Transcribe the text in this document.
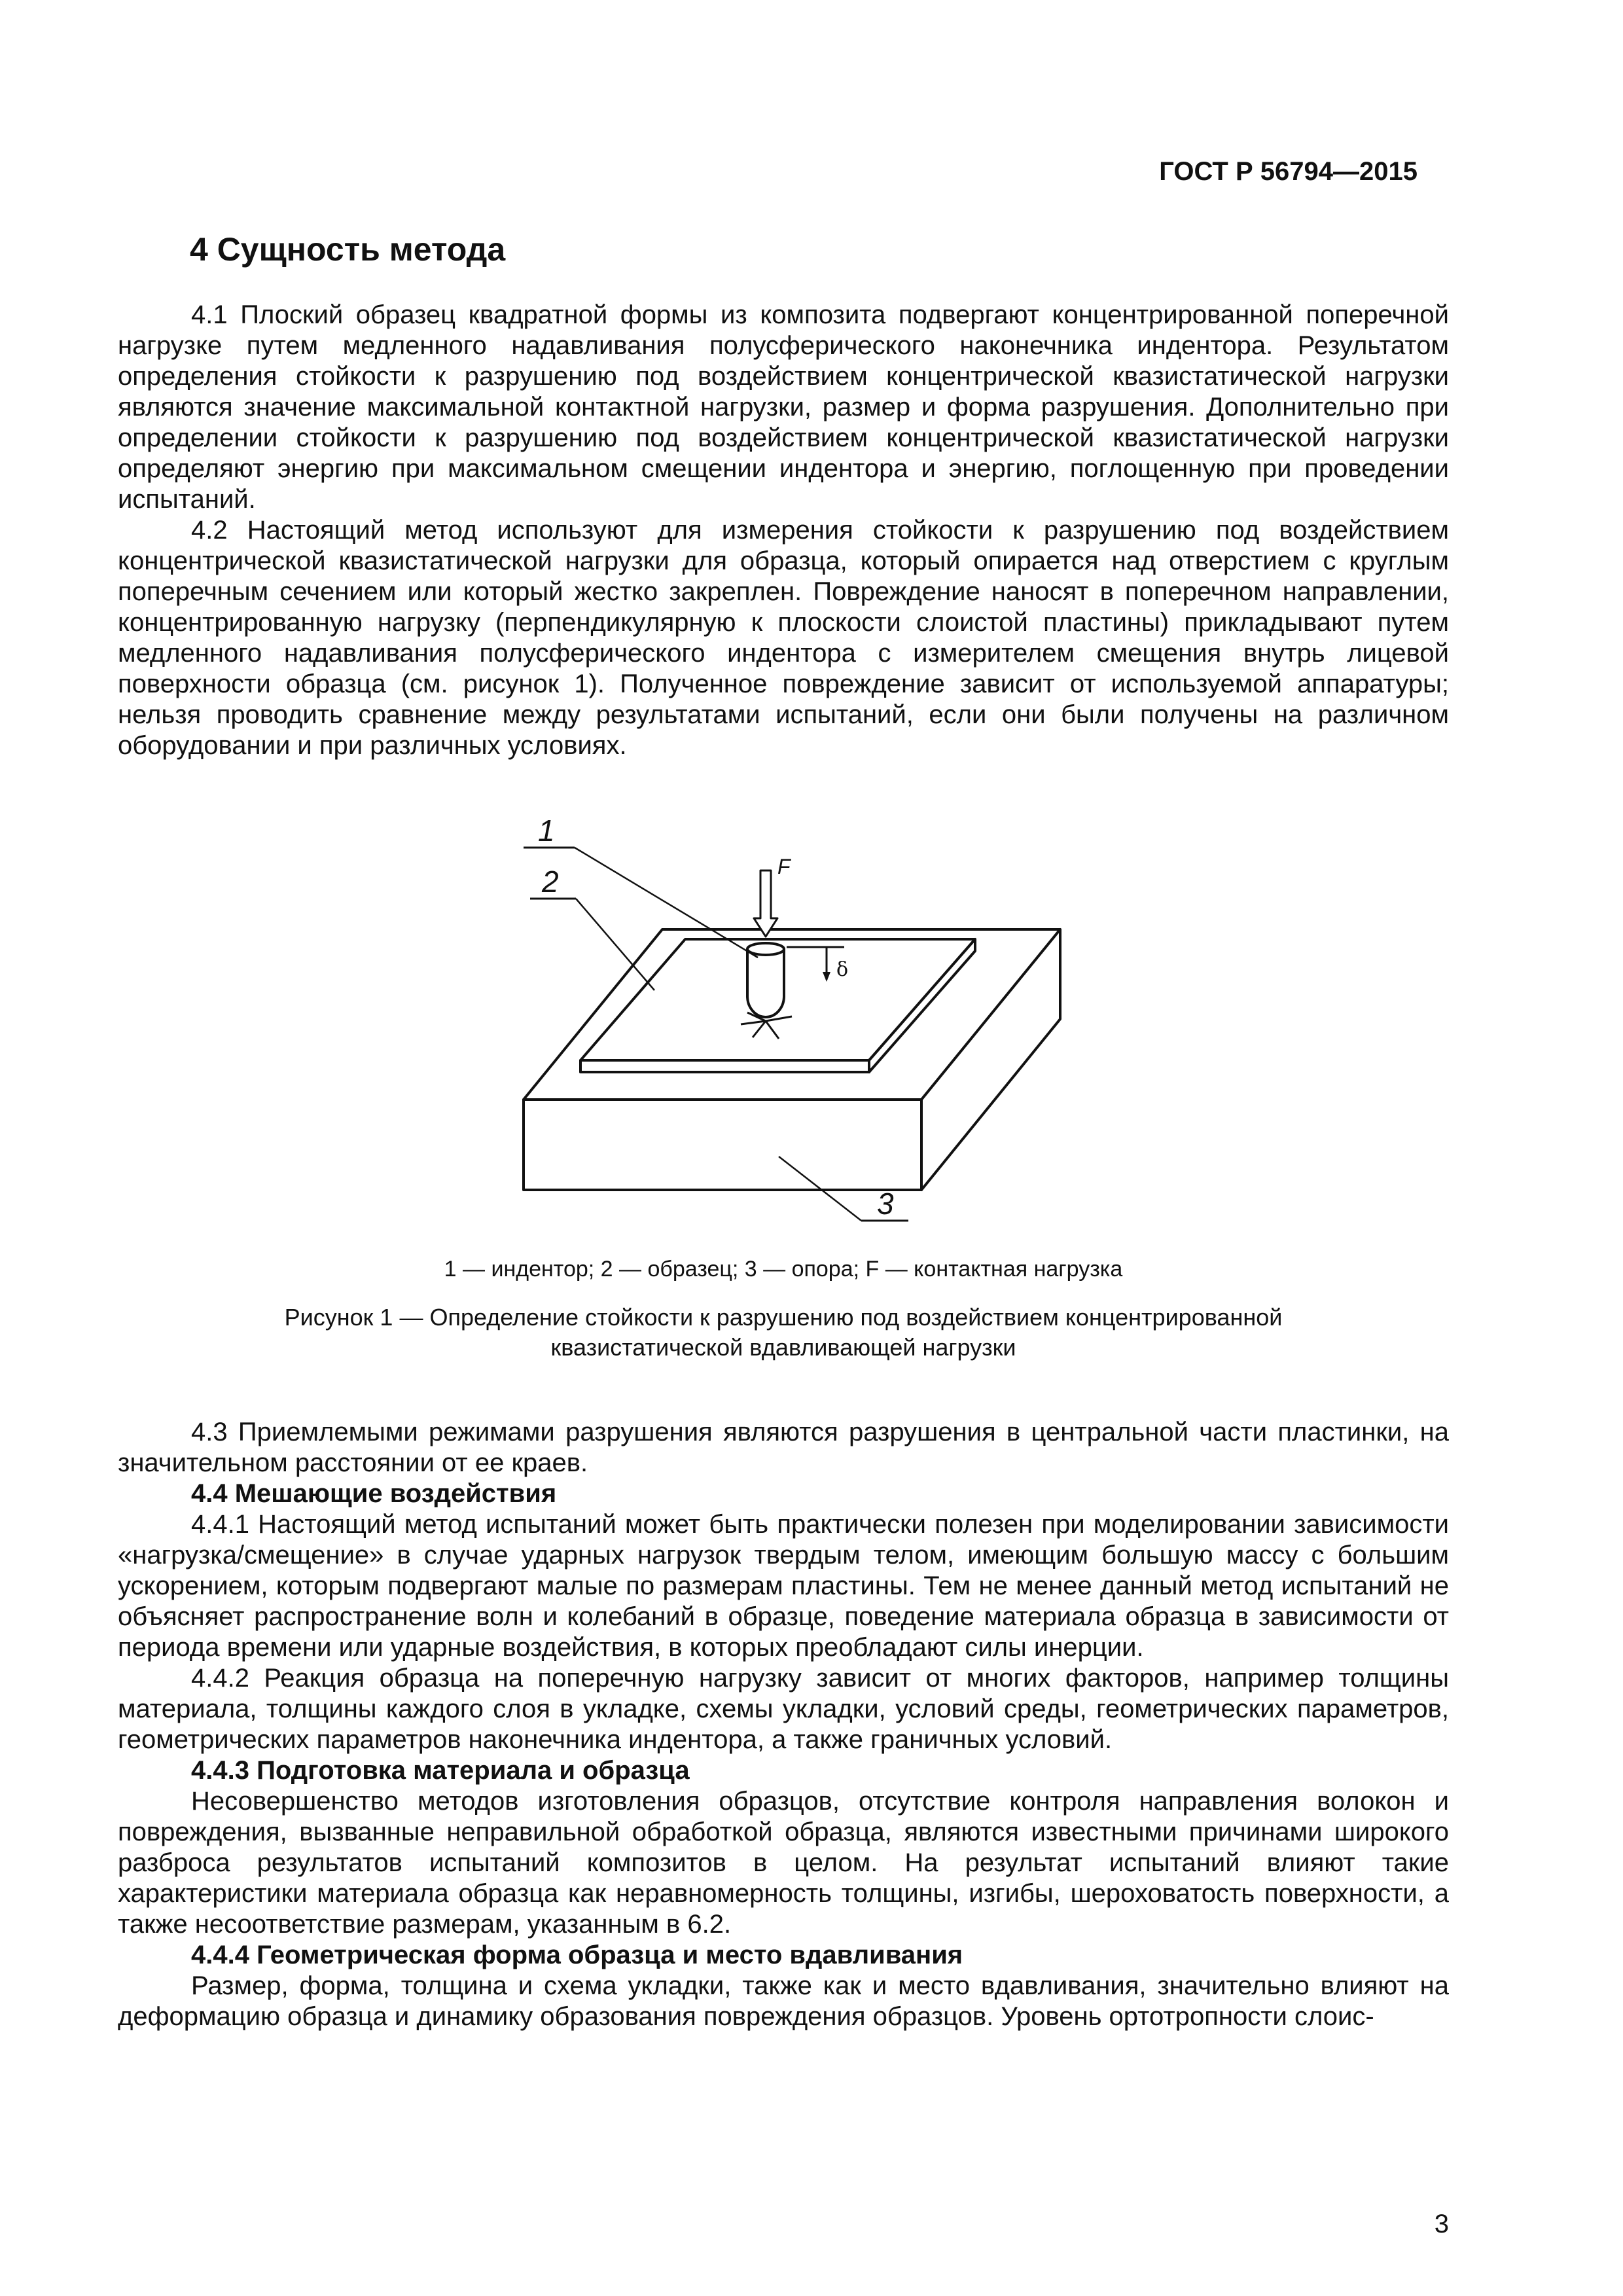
ГОСТ Р 56794—2015
4 Сущность метода

4.1 Плоский образец квадратной формы из композита подвергают концентрированной поперечной нагрузке путем медленного надавливания полусферического наконечника индентора. Результатом определения стойкости к разрушению под воздействием концентрической квазистатической нагрузки являются значение максимальной контактной нагрузки, размер и форма разрушения. Дополнительно при определении стойкости к разрушению под воздействием концентрической квазистатической нагрузки определяют энергию при максимальном смещении индентора и энергию, поглощенную при проведении испытаний.

4.2 Настоящий метод используют для измерения стойкости к разрушению под воздействием концентрической квазистатической нагрузки для образца, который опирается над отверстием с круглым поперечным сечением или который жестко закреплен. Повреждение наносят в поперечном направлении, концентрированную нагрузку (перпендикулярную к плоскости слоистой пластины) прикладывают путем медленного надавливания полусферического индентора с измерителем смещения внутрь лицевой поверхности образца (см. рисунок 1). Полученное повреждение зависит от используемой аппаратуры; нельзя проводить сравнение между результатами испытаний, если они были получены на различном оборудовании и при различных условиях.

1
2
3
F
δ
1 — индентор; 2 — образец; 3 — опора; F — контактная нагрузка
Рисунок 1 — Определение стойкости к разрушению под воздействием концентрированной
квазистатической вдавливающей нагрузки

4.3 Приемлемыми режимами разрушения являются разрушения в центральной части пластинки, на значительном расстоянии от ее краев.

4.4 Мешающие воздействия

4.4.1 Настоящий метод испытаний может быть практически полезен при моделировании зависимости «нагрузка/смещение» в случае ударных нагрузок твердым телом, имеющим большую массу с большим ускорением, которым подвергают малые по размерам пластины. Тем не менее данный метод испытаний не объясняет распространение волн и колебаний в образце, поведение материала образца в зависимости от периода времени или ударные воздействия, в которых преобладают силы инерции.

4.4.2 Реакция образца на поперечную нагрузку зависит от многих факторов, например толщины материала, толщины каждого слоя в укладке, схемы укладки, условий среды, геометрических параметров, геометрических параметров наконечника индентора, а также граничных условий.

4.4.3 Подготовка материала и образца

Несовершенство методов изготовления образцов, отсутствие контроля направления волокон и повреждения, вызванные неправильной обработкой образца, являются известными причинами широкого разброса результатов испытаний композитов в целом. На результат испытаний влияют такие характеристики материала образца как неравномерность толщины, изгибы, шероховатость поверхности, а также несоответствие размерам, указанным в 6.2.

4.4.4 Геометрическая форма образца и место вдавливания

Размер, форма, толщина и схема укладки, также как и место вдавливания, значительно влияют на деформацию образца и динамику образования повреждения образцов. Уровень ортотропности слоис-

3
